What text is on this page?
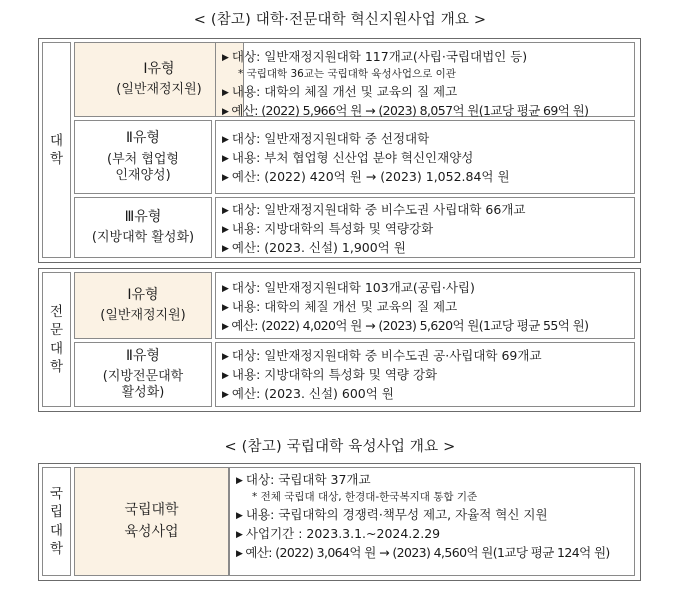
< (참고) 대학·전문대학 혁신지원사업 개요 >
대
학
Ⅰ유형
(일반재정지원)
▶ 대상: 일반재정지원대학 117개교(사립·국립대법인 등)
* 국립대학 36교는 국립대학 육성사업으로 이관
▶ 내용: 대학의 체질 개선 및 교육의 질 제고
▶ 예산: (2022) 5,966억 원 → (2023) 8,057억 원(1교당 평균 69억 원)
Ⅱ유형
(부처 협업형
인재양성)
▶ 대상: 일반재정지원대학 중 선정대학
▶ 내용: 부처 협업형 신산업 분야 혁신인재양성
▶ 예산: (2022) 420억 원 → (2023) 1,052.84억 원
Ⅲ유형
(지방대학 활성화)
▶ 대상: 일반재정지원대학 중 비수도권 사립대학 66개교
▶ 내용: 지방대학의 특성화 및 역량강화
▶ 예산: (2023. 신설) 1,900억 원
전
문
대
학
Ⅰ유형
(일반재정지원)
▶ 대상: 일반재정지원대학 103개교(공립·사립)
▶ 내용: 대학의 체질 개선 및 교육의 질 제고
▶ 예산: (2022) 4,020억 원 → (2023) 5,620억 원(1교당 평균 55억 원)
Ⅱ유형
(지방전문대학
활성화)
▶ 대상: 일반재정지원대학 중 비수도권 공·사립대학 69개교
▶ 내용: 지방대학의 특성화 및 역량 강화
▶ 예산: (2023. 신설) 600억 원
< (참고) 국립대학 육성사업 개요 >
국
립
대
학
국립대학
육성사업
▶ 대상: 국립대학 37개교
* 전체 국립대 대상, 한경대-한국복지대 통합 기준
▶ 내용: 국립대학의 경쟁력·책무성 제고, 자율적 혁신 지원
▶ 사업기간 : 2023.3.1.~2024.2.29
▶ 예산: (2022) 3,064억 원 → (2023) 4,560억 원(1교당 평균 124억 원)
